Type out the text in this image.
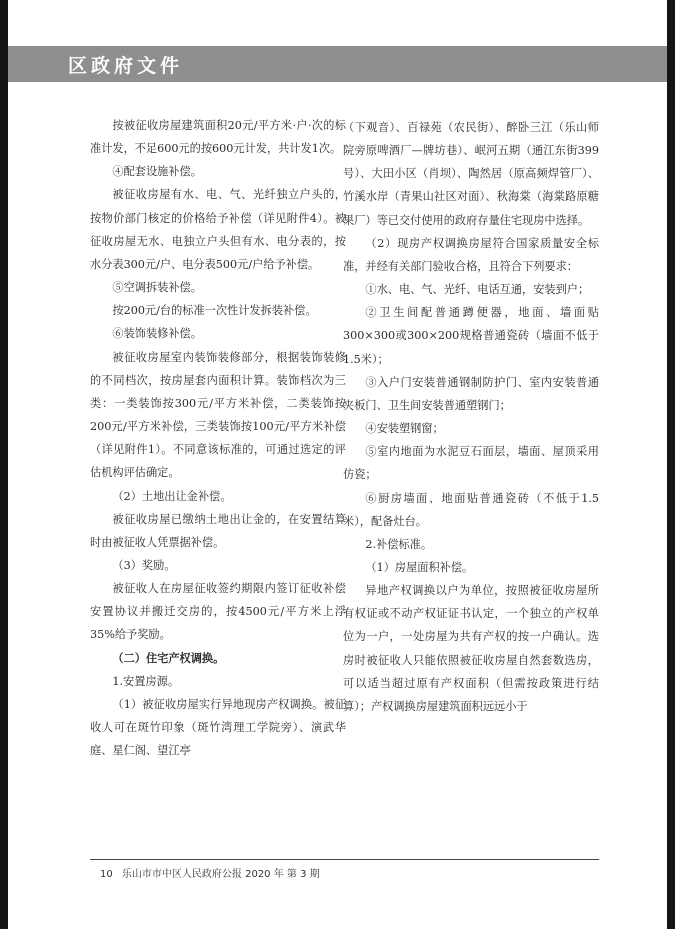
区政府文件

按被征收房屋建筑面积20元/平方米·户·次的标准计发，不足600元的按600元计发，共计发1次。

④配套设施补偿。

被征收房屋有水、电、气、光纤独立户头的，按物价部门核定的价格给予补偿（详见附件4）。被征收房屋无水、电独立户头但有水、电分表的，按水分表300元/户、电分表500元/户给予补偿。

⑤空调拆装补偿。

按200元/台的标准一次性计发拆装补偿。

⑥装饰装修补偿。

被征收房屋室内装饰装修部分，根据装饰装修的不同档次，按房屋套内面积计算。装饰档次为三类：一类装饰按300元/平方米补偿，二类装饰按200元/平方米补偿，三类装饰按100元/平方米补偿（详见附件1）。不同意该标准的，可通过选定的评估机构评估确定。

（2）土地出让金补偿。

被征收房屋已缴纳土地出让金的，在安置结算时由被征收人凭票据补偿。

（3）奖励。

被征收人在房屋征收签约期限内签订征收补偿安置协议并搬迁交房的，按4500元/平方米上浮35%给予奖励。

（二）住宅产权调换。

1.安置房源。

（1）被征收房屋实行异地现房产权调换。被征收人可在斑竹印象（斑竹湾理工学院旁）、演武华庭、星仁阁、望江亭

（下观音）、百禄苑（农民街）、醉卧三江（乐山师院旁原啤酒厂—牌坊巷）、岷河五期（通江东街399号）、大田小区（肖坝）、陶然居（原高频焊管厂）、竹溪水岸（青果山社区对面）、秋海棠（海棠路原糖果厂）等已交付使用的政府存量住宅现房中选择。

（2）现房产权调换房屋符合国家质量安全标准，并经有关部门验收合格，且符合下列要求：

①水、电、气、光纤、电话互通，安装到户；

②卫生间配普通蹲便器，地面、墙面贴300×300或300×200规格普通瓷砖（墙面不低于1.5米）；

③入户门安装普通钢制防护门、室内安装普通夹板门、卫生间安装普通塑钢门；

④安装塑钢窗；

⑤室内地面为水泥豆石面层，墙面、屋顶采用仿瓷；

⑥厨房墙面、地面贴普通瓷砖（不低于1.5米），配备灶台。

2.补偿标准。

（1）房屋面积补偿。

异地产权调换以户为单位，按照被征收房屋所有权证或不动产权证证书认定，一个独立的产权单位为一户，一处房屋为共有产权的按一户确认。选房时被征收人只能依照被征收房屋自然套数选房，可以适当超过原有产权面积（但需按政策进行结算）；产权调换房屋建筑面积远远小于

10 乐山市市中区人民政府公报 2020 年 第 3 期
